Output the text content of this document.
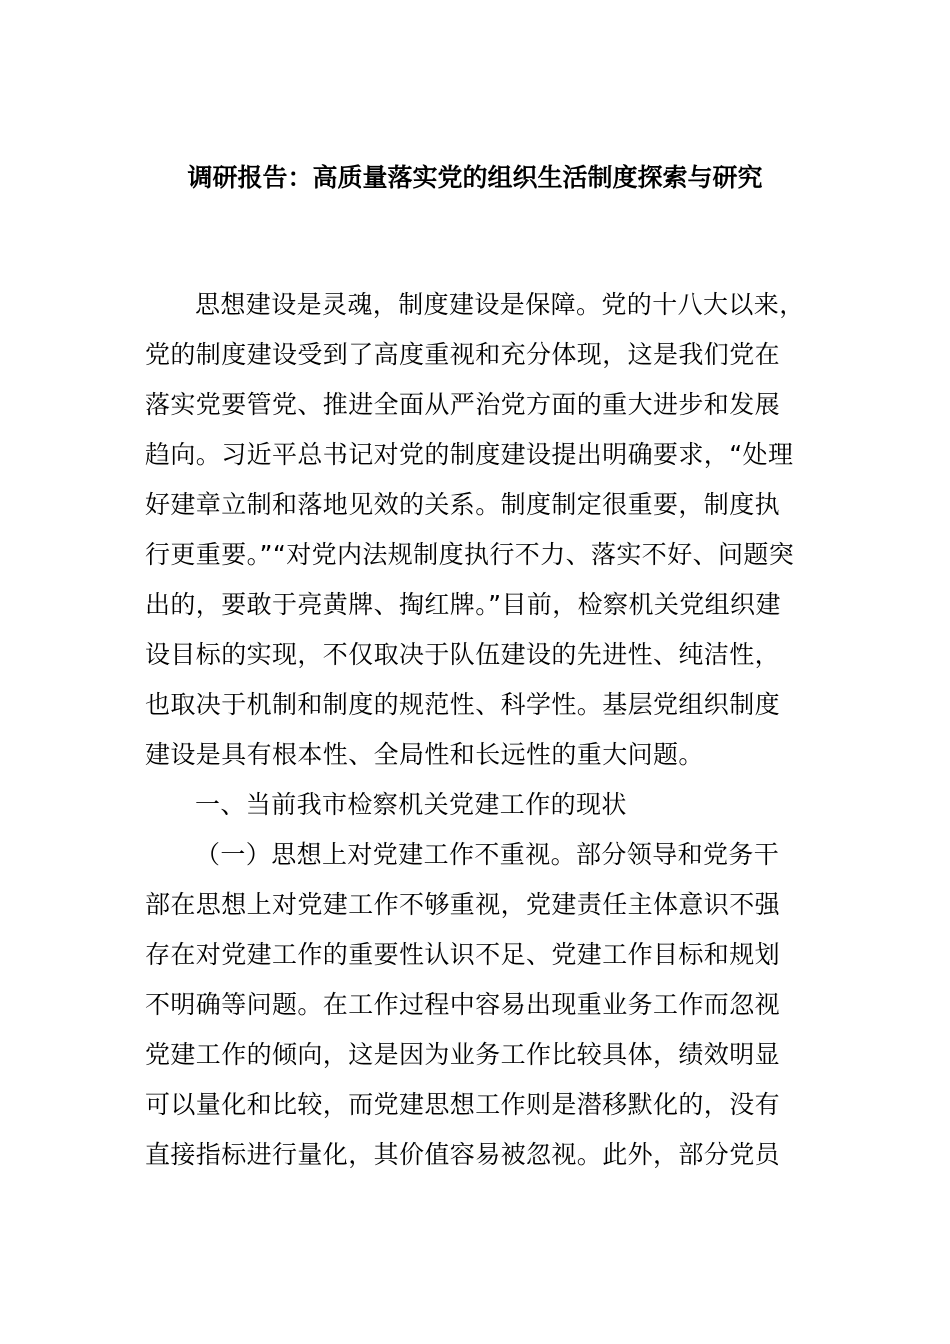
调研报告：高质量落实党的组织生活制度探索与研究
思想建设是灵魂，制度建设是保障。党的十八大以来，
党的制度建设受到了高度重视和充分体现，这是我们党在
落实党要管党、推进全面从严治党方面的重大进步和发展
趋向。习近平总书记对党的制度建设提出明确要求，“处理
好建章立制和落地见效的关系。制度制定很重要，制度执
行更重要。”“对党内法规制度执行不力、落实不好、问题突
出的，要敢于亮黄牌、掏红牌。”目前，检察机关党组织建
设目标的实现，不仅取决于队伍建设的先进性、纯洁性，
也取决于机制和制度的规范性、科学性。基层党组织制度
建设是具有根本性、全局性和长远性的重大问题。
一、当前我市检察机关党建工作的现状
（一）思想上对党建工作不重视。部分领导和党务干
部在思想上对党建工作不够重视，党建责任主体意识不强
存在对党建工作的重要性认识不足、党建工作目标和规划
不明确等问题。在工作过程中容易出现重业务工作而忽视
党建工作的倾向，这是因为业务工作比较具体，绩效明显
可以量化和比较，而党建思想工作则是潜移默化的，没有
直接指标进行量化，其价值容易被忽视。此外，部分党员
